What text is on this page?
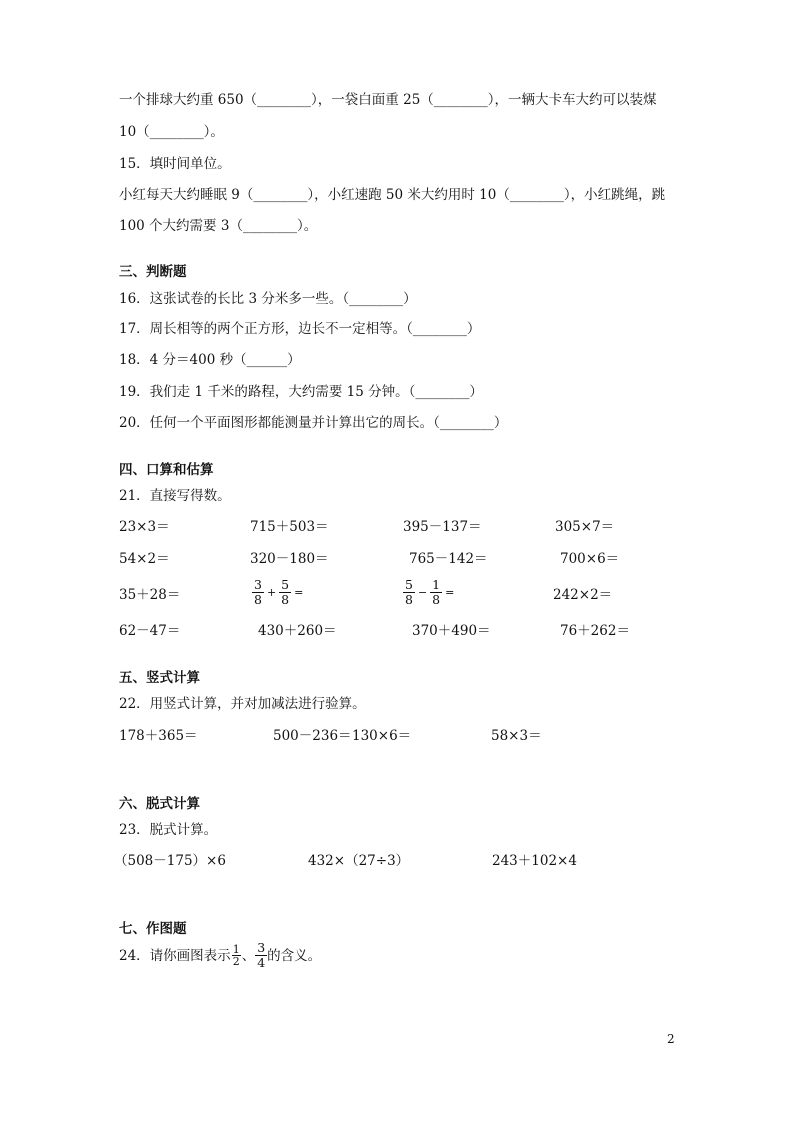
一个排球大约重 650（________），一袋白面重 25（________），一辆大卡车大约可以装煤
10（________）。
15．填时间单位。
小红每天大约睡眠 9（________），小红速跑 50 米大约用时 10（________），小红跳绳，跳
100 个大约需要 3（________）。
三、判断题
16．这张试卷的长比 3 分米多一些。（________）
17．周长相等的两个正方形，边长不一定相等。（________）
18．4 分＝400 秒（______）
19．我们走 1 千米的路程，大约需要 15 分钟。（________）
20．任何一个平面图形都能测量并计算出它的周长。（________）
四、口算和估算
21．直接写得数。
23×3＝	715＋503＝	395－137＝	305×7＝
54×2＝	320－180＝	765－142＝	700×6＝
35＋28＝	$\frac{3}{8} + \frac{5}{8}$ =	$\frac{5}{8} - \frac{1}{8}$ =	242×2＝
62－47＝	430＋260＝	370＋490＝	76＋262＝
五、竖式计算
22．用竖式计算，并对加减法进行验算。
178＋365＝	500－236＝ 130×6＝	58×3＝
六、脱式计算
23．脱式计算。
（508－175）×6	432×（27÷3）	243＋102×4
七、作图题
24．请你画图表示 $\frac{1}{2}$ 、 $\frac{3}{4}$ 的含义。
2
